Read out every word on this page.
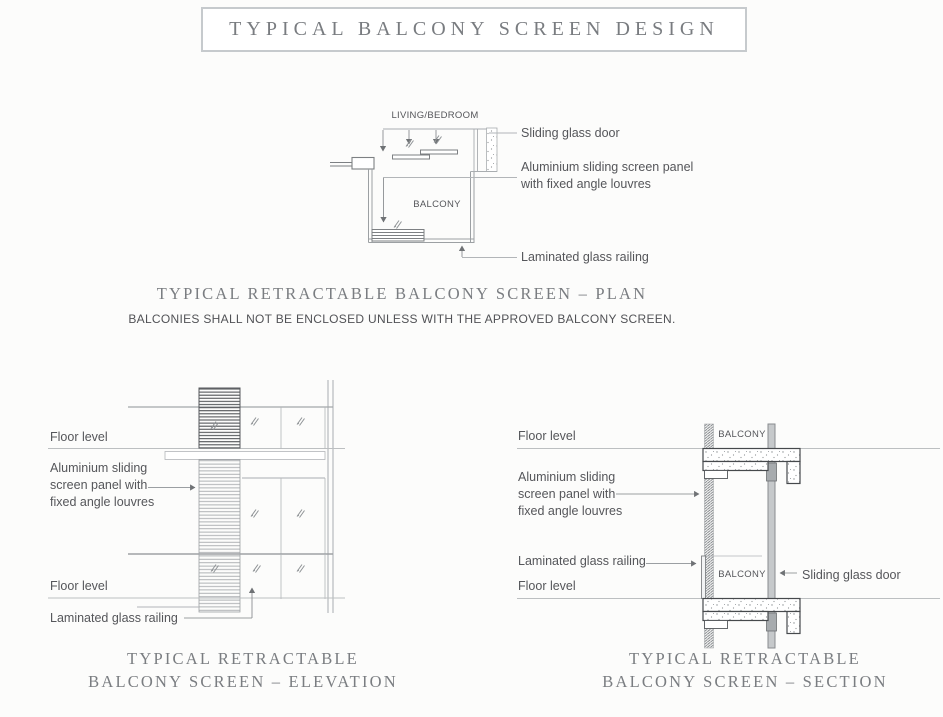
TYPICAL BALCONY SCREEN DESIGN
LIVING/BEDROOM
BALCONY
Sliding glass door
Aluminium sliding screen panel
with fixed angle louvres
Laminated glass railing
TYPICAL RETRACTABLE BALCONY SCREEN – PLAN
BALCONIES SHALL NOT BE ENCLOSED UNLESS WITH THE APPROVED BALCONY SCREEN.
Floor level
Aluminium sliding
screen panel with
fixed angle louvres
Floor level
Laminated glass railing
TYPICAL RETRACTABLE
BALCONY SCREEN – ELEVATION
Floor level	BALCONY
Aluminium sliding
screen panel with
fixed angle louvres
Laminated glass railing
BALCONY	Sliding glass door
Floor level
TYPICAL RETRACTABLE
BALCONY SCREEN – SECTION
